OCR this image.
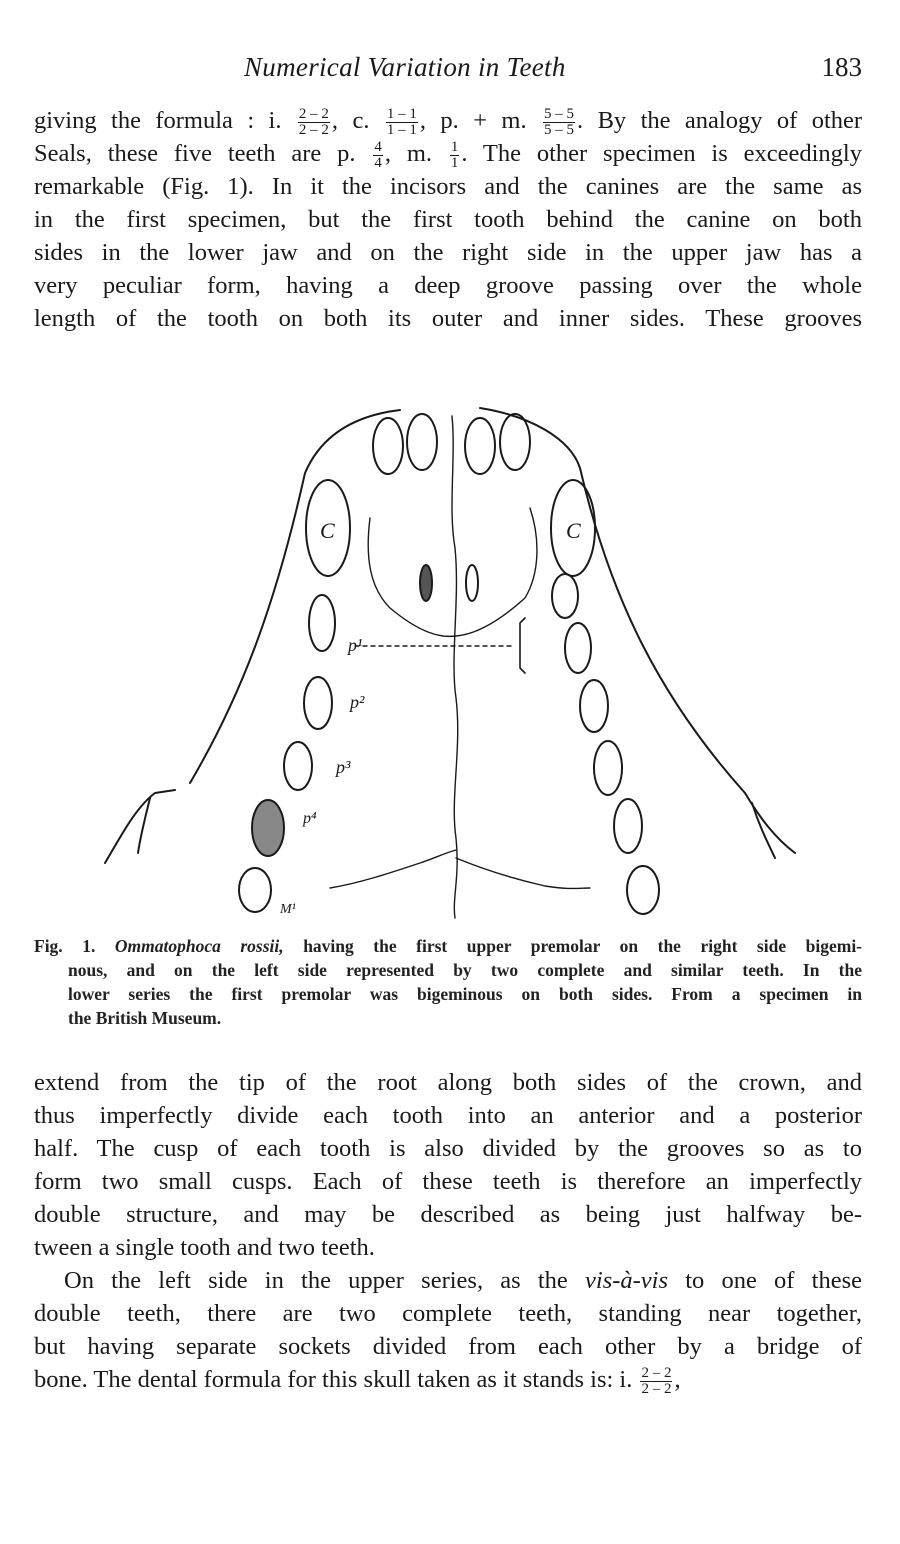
Numerical Variation in Teeth	183
giving the formula : i. $\frac{2 - 2}{2 - 2}$ , c. $\frac{1 - 1}{1 - 1}$ , p. + m. $\frac{5 - 5}{5 - 5}$ . By the analogy of other
Seals, these five teeth are p. $\frac{4}{4}$ , m. $\frac{1}{1}$ . The other specimen is exceedingly
remarkable (Fig. 1). In it the incisors and the canines are the same as
in the first specimen, but the first tooth behind the canine on both
sides in the lower jaw and on the right side in the upper jaw has a
very peculiar form, having a deep groove passing over the whole
length of the tooth on both its outer and inner sides. These grooves
C	C
p¹
p²
p³
p⁴
M¹
Fig. 1. Ommatophoca rossii, having the first upper premolar on the right side bigemi-
nous, and on the left side represented by two complete and similar teeth. In the
lower series the first premolar was bigeminous on both sides. From a specimen in
the British Museum.
extend from the tip of the root along both sides of the crown, and
thus imperfectly divide each tooth into an anterior and a posterior
half. The cusp of each tooth is also divided by the grooves so as to
form two small cusps. Each of these teeth is therefore an imperfectly
double structure, and may be described as being just halfway be-
tween a single tooth and two teeth.
On the left side in the upper series, as the vis-à-vis to one of these
double teeth, there are two complete teeth, standing near together,
but having separate sockets divided from each other by a bridge of
bone. The dental formula for this skull taken as it stands is: i. $\frac{2 - 2}{2 - 2}$ ,
